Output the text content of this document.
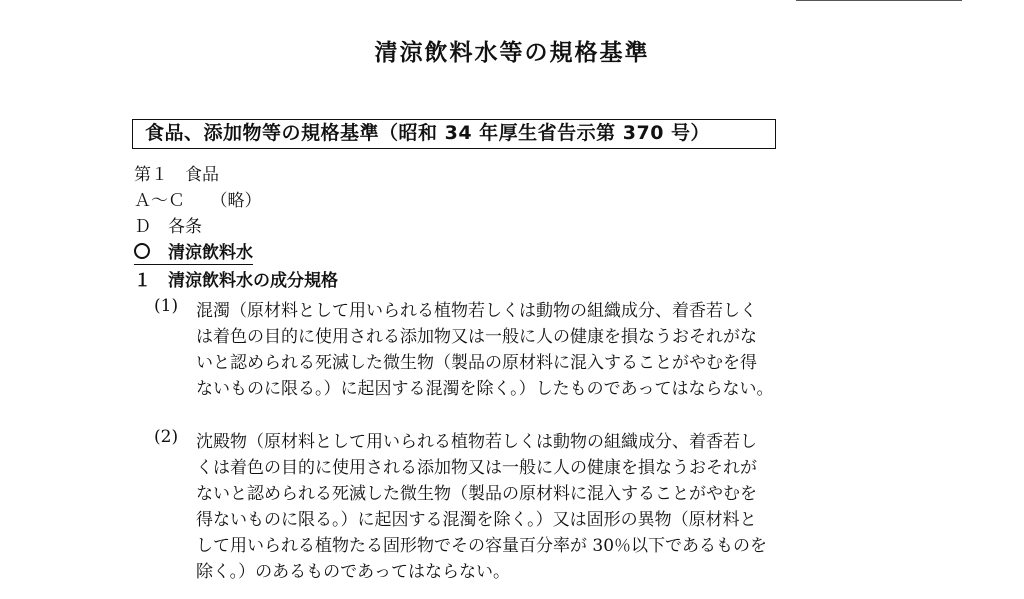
清涼飲料水等の規格基準
食品、添加物等の規格基準（昭和 34 年厚生省告示第 370 号）
第１　食品
Ａ～Ｃ　　（略）
Ｄ　各条
清涼飲料水
１　清涼飲料水の成分規格
(1) 混濁（原材料として用いられる植物若しくは動物の組織成分、着香若しく
は着色の目的に使用される添加物又は一般に人の健康を損なうおそれがな
いと認められる死滅した微生物（製品の原材料に混入することがやむを得
ないものに限る。）に起因する混濁を除く。）したものであってはならない。
(2) 沈殿物（原材料として用いられる植物若しくは動物の組織成分、着香若し
くは着色の目的に使用される添加物又は一般に人の健康を損なうおそれが
ないと認められる死滅した微生物（製品の原材料に混入することがやむを
得ないものに限る。）に起因する混濁を除く。）又は固形の異物（原材料と
して用いられる植物たる固形物でその容量百分率が 30％以下であるものを
除く。）のあるものであってはならない。
